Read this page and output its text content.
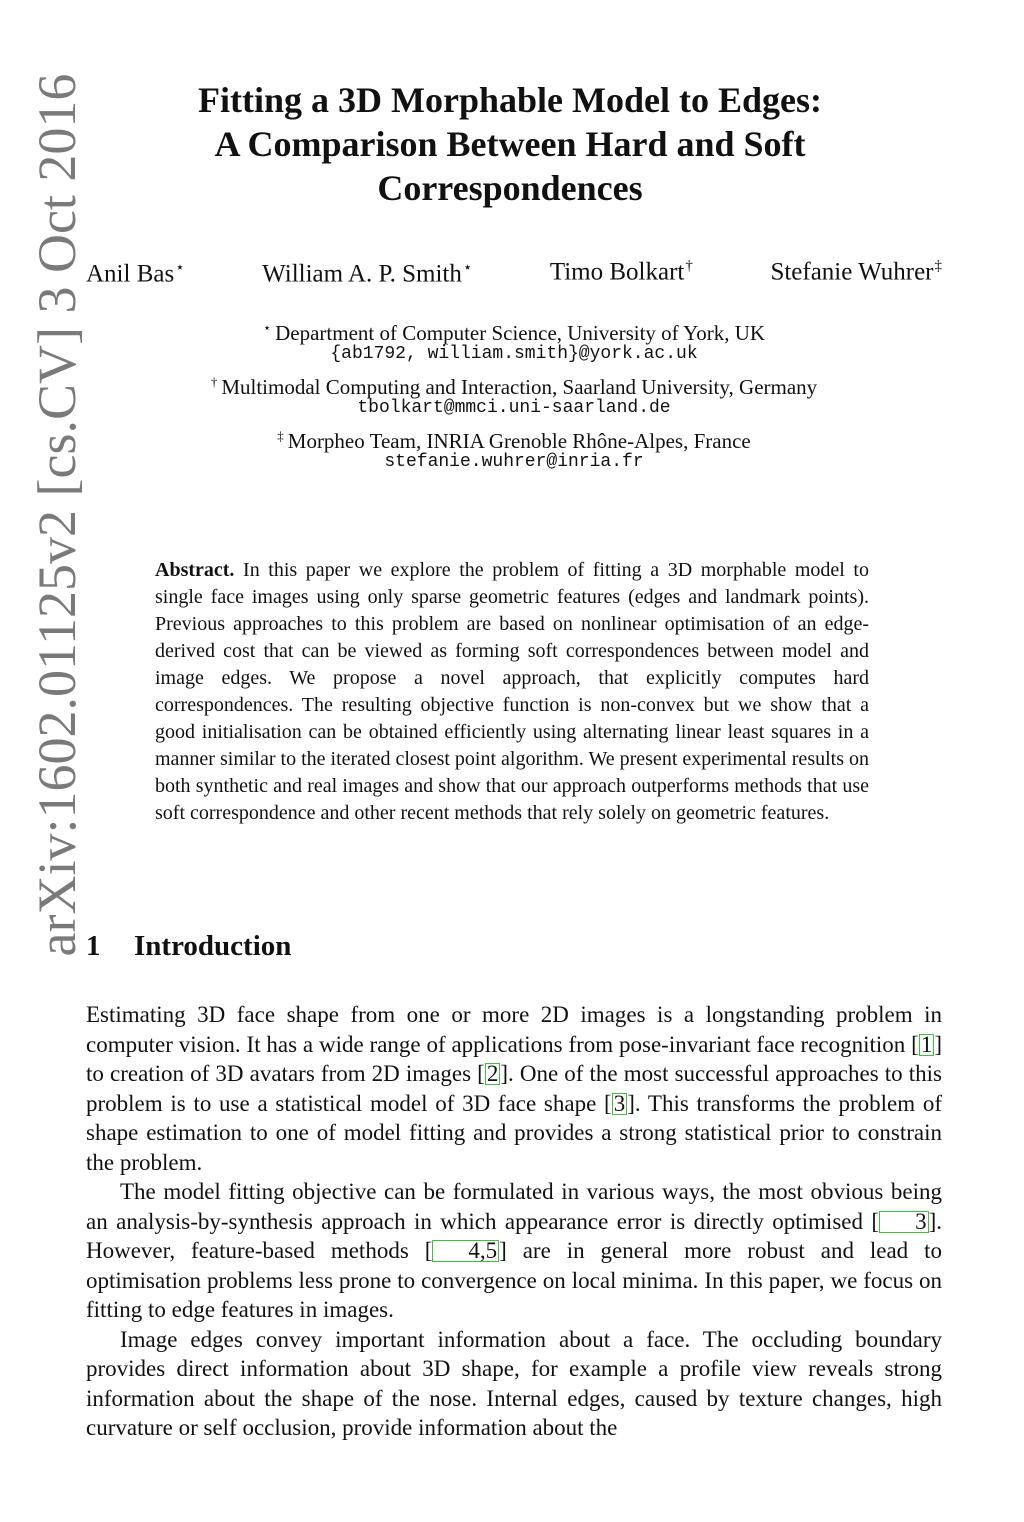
arXiv:1602.01125v2 [cs.CV] 3 Oct 2016	Fitting a 3D Morphable Model to Edges:
A Comparison Between Hard and Soft
Correspondences
Anil Bas⋆	William A. P. Smith⋆	Timo Bolkart†	Stefanie Wuhrer‡
⋆ Department of Computer Science, University of York, UK
{ab1792, william.smith}@york.ac.uk
† Multimodal Computing and Interaction, Saarland University, Germany
tbolkart@mmci.uni-saarland.de
‡ Morpheo Team, INRIA Grenoble Rhône-Alpes, France
stefanie.wuhrer@inria.fr

Abstract. In this paper we explore the problem of fitting a 3D morphable model to single face images using only sparse geometric features (edges and landmark points). Previous approaches to this problem are based on nonlinear optimisation of an edge-derived cost that can be viewed as forming soft correspondences between model and image edges. We propose a novel approach, that explicitly computes hard correspondences. The resulting objective function is non-convex but we show that a good initialisation can be obtained efficiently using alternating linear least squares in a manner similar to the iterated closest point algorithm. We present experimental results on both synthetic and real images and show that our approach outperforms methods that use soft correspondence and other recent methods that rely solely on geometric features.

1 Introduction

Estimating 3D face shape from one or more 2D images is a longstanding problem in computer vision. It has a wide range of applications from pose-invariant face recognition [1] to creation of 3D avatars from 2D images [2]. One of the most successful approaches to this problem is to use a statistical model of 3D face shape [3]. This transforms the problem of shape estimation to one of model fitting and provides a strong statistical prior to constrain the problem.

The model fitting objective can be formulated in various ways, the most obvious being an analysis-by-synthesis approach in which appearance error is directly optimised [ 3]. However, feature-based methods [ 4,5] are in general more robust and lead to optimisation problems less prone to convergence on local minima. In this paper, we focus on fitting to edge features in images.

Image edges convey important information about a face. The occluding boundary provides direct information about 3D shape, for example a profile view reveals strong information about the shape of the nose. Internal edges, caused by texture changes, high curvature or self occlusion, provide information about the
